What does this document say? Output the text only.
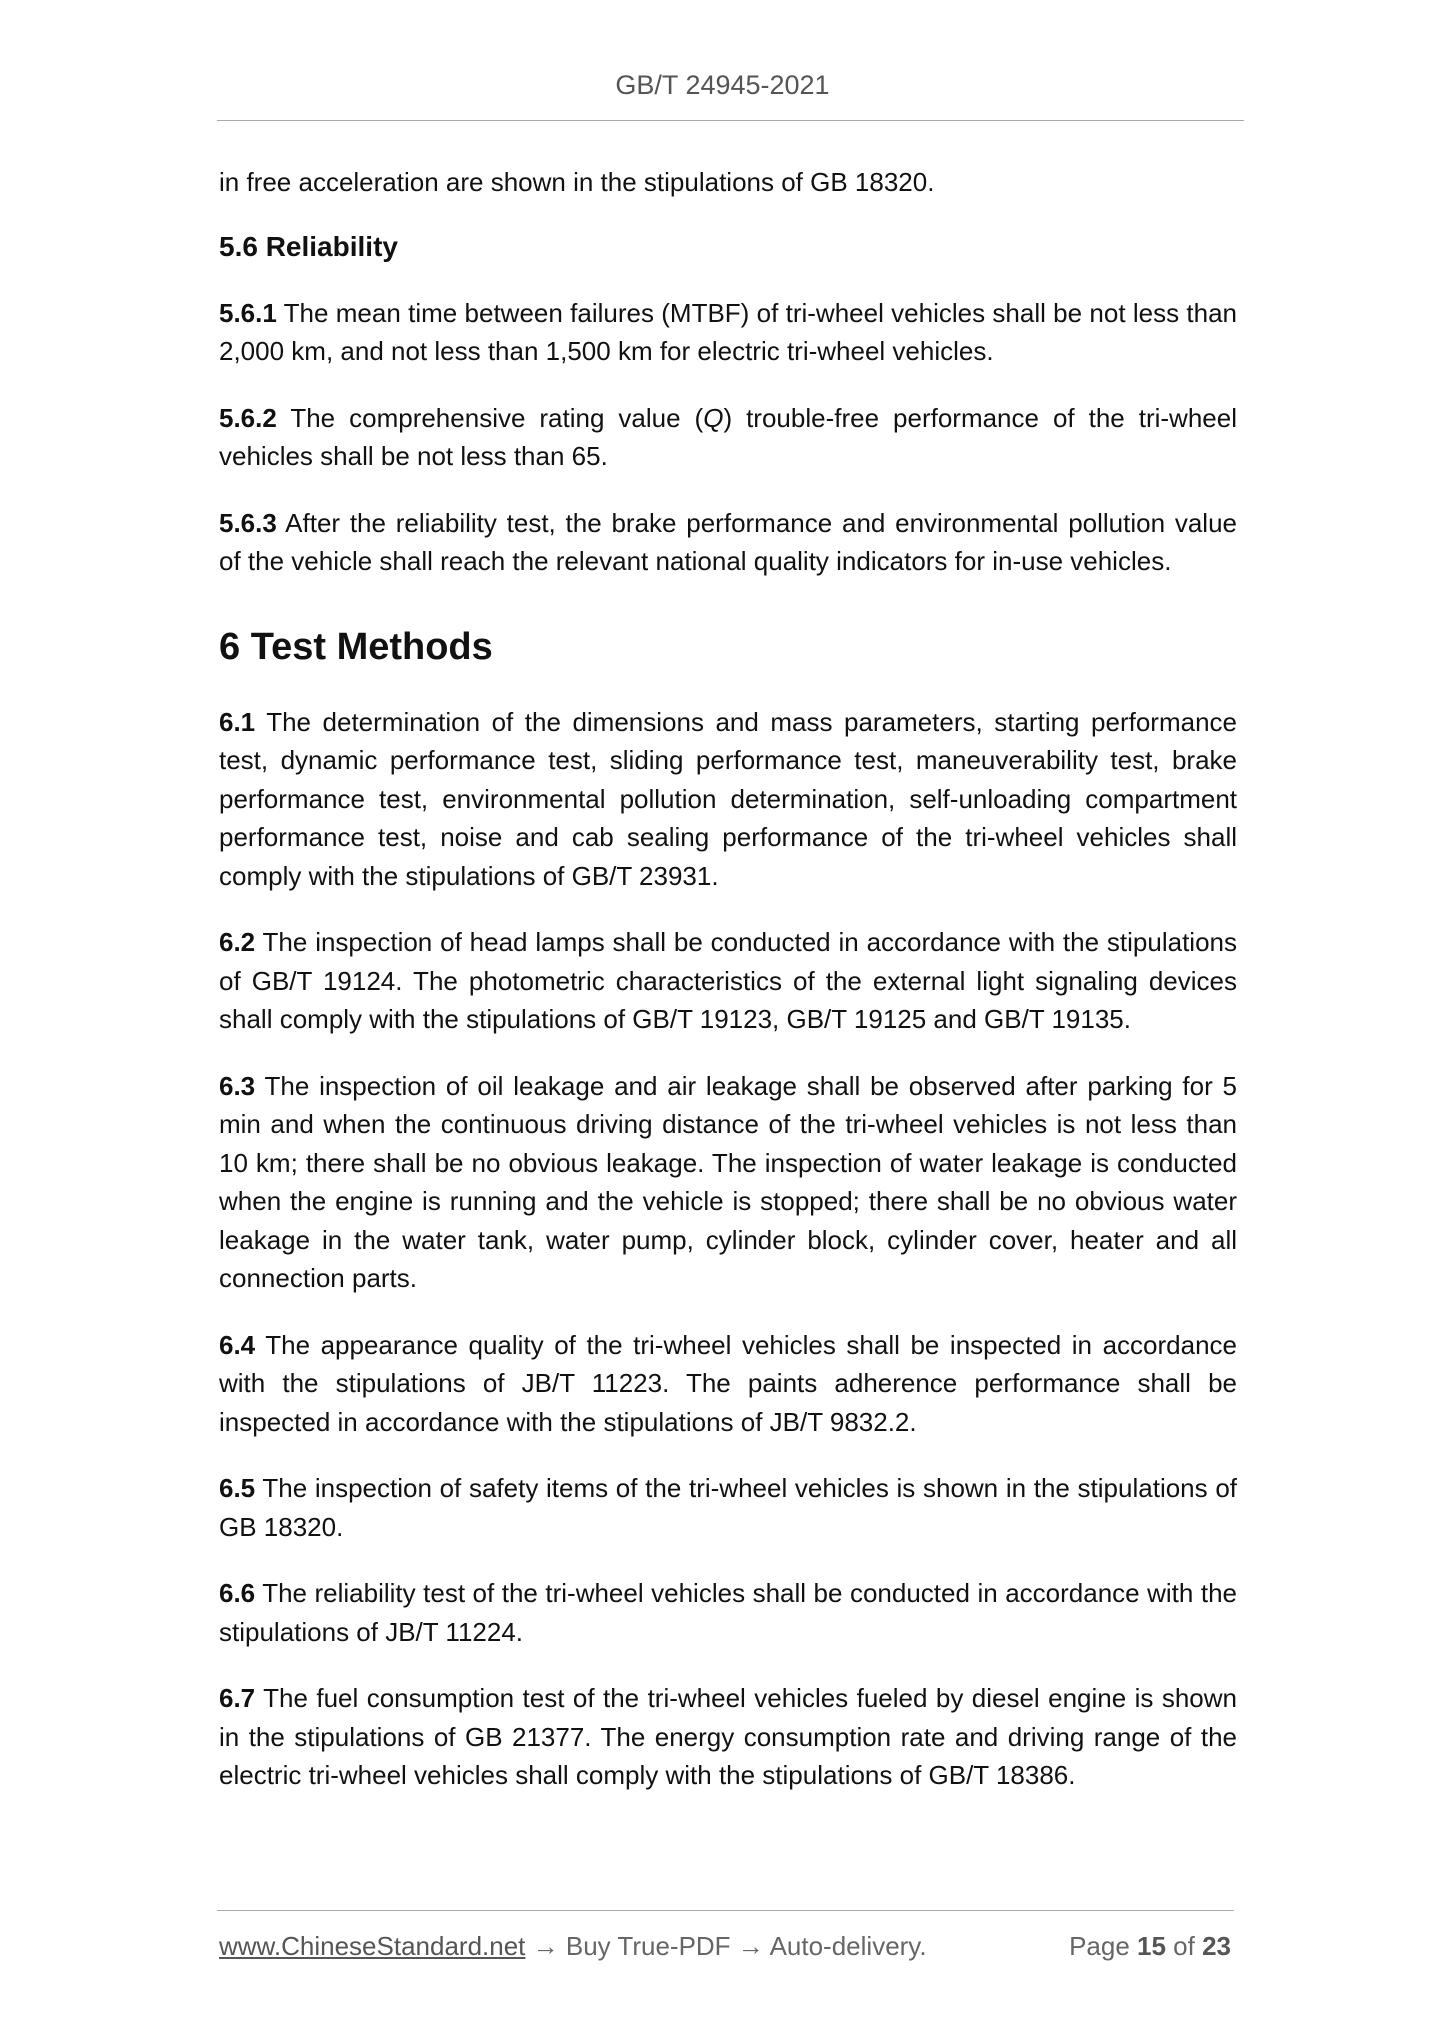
GB/T 24945-2021

in free acceleration are shown in the stipulations of GB 18320.

5.6 Reliability

5.6.1 The mean time between failures (MTBF) of tri-wheel vehicles shall be not less than 2,000 km, and not less than 1,500 km for electric tri-wheel vehicles.

5.6.2 The comprehensive rating value (Q) trouble-free performance of the tri-wheel vehicles shall be not less than 65.

5.6.3 After the reliability test, the brake performance and environmental pollution value of the vehicle shall reach the relevant national quality indicators for in-use vehicles.

6 Test Methods

6.1 The determination of the dimensions and mass parameters, starting performance test, dynamic performance test, sliding performance test, maneuverability test, brake performance test, environmental pollution determination, self-unloading compartment performance test, noise and cab sealing performance of the tri-wheel vehicles shall comply with the stipulations of GB/T 23931.

6.2 The inspection of head lamps shall be conducted in accordance with the stipulations of GB/T 19124. The photometric characteristics of the external light signaling devices shall comply with the stipulations of GB/T 19123, GB/T 19125 and GB/T 19135.

6.3 The inspection of oil leakage and air leakage shall be observed after parking for 5 min and when the continuous driving distance of the tri-wheel vehicles is not less than 10 km; there shall be no obvious leakage. The inspection of water leakage is conducted when the engine is running and the vehicle is stopped; there shall be no obvious water leakage in the water tank, water pump, cylinder block, cylinder cover, heater and all connection parts.

6.4 The appearance quality of the tri-wheel vehicles shall be inspected in accordance with the stipulations of JB/T 11223. The paints adherence performance shall be inspected in accordance with the stipulations of JB/T 9832.2.

6.5 The inspection of safety items of the tri-wheel vehicles is shown in the stipulations of GB 18320.

6.6 The reliability test of the tri-wheel vehicles shall be conducted in accordance with the stipulations of JB/T 11224.

6.7 The fuel consumption test of the tri-wheel vehicles fueled by diesel engine is shown in the stipulations of GB 21377. The energy consumption rate and driving range of the electric tri-wheel vehicles shall comply with the stipulations of GB/T 18386.

www.ChineseStandard.net → Buy True-PDF → Auto-delivery.	Page 15 of 23
